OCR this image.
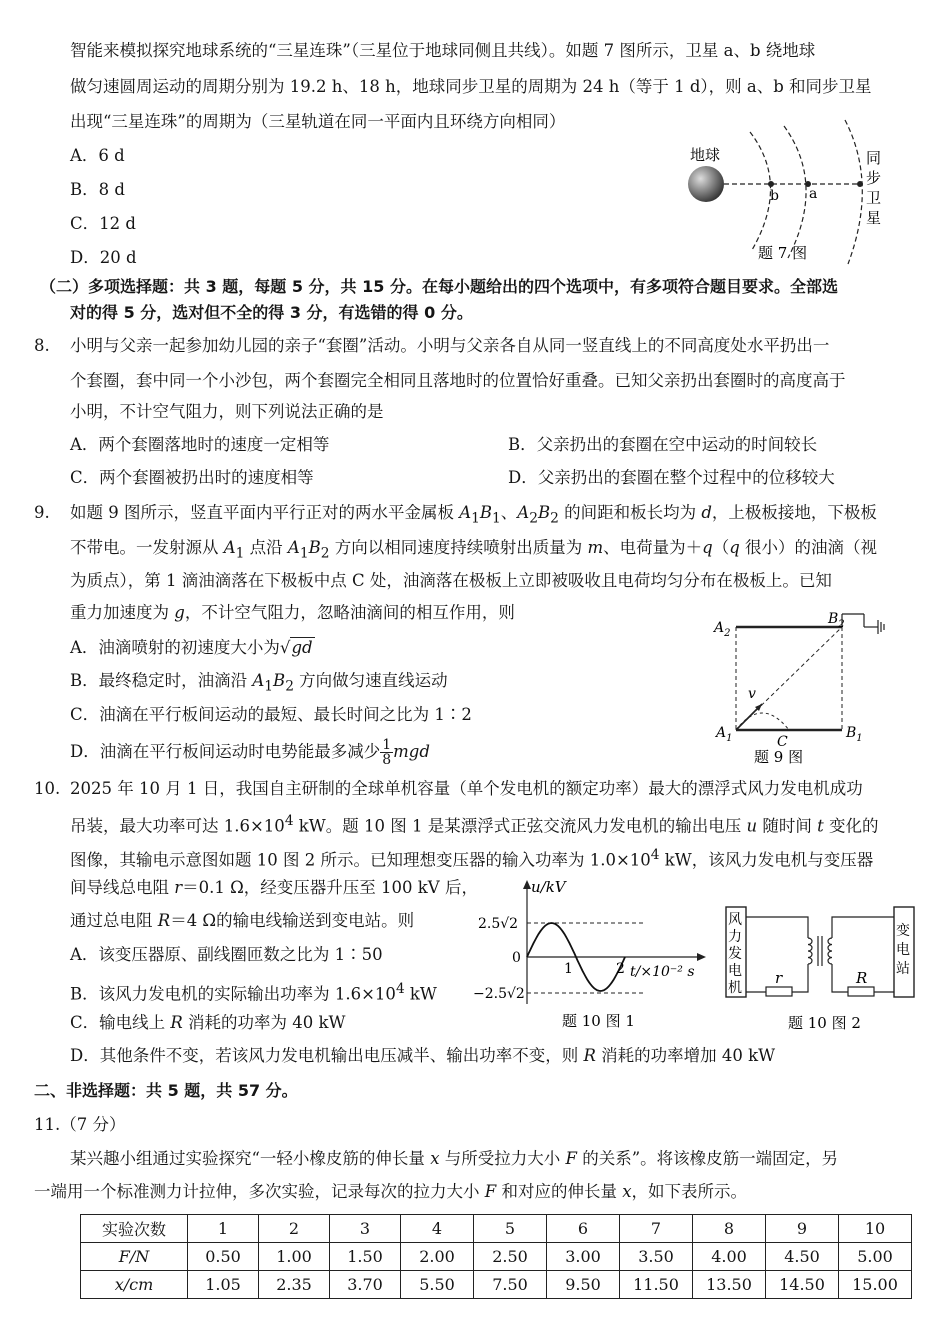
智能来模拟探究地球系统的“三星连珠”（三星位于地球同侧且共线）。如题 7 图所示，卫星 a、b 绕地球
做匀速圆周运动的周期分别为 19.2 h、18 h，地球同步卫星的周期为 24 h（等于 1 d），则 a、b 和同步卫星
出现“三星连珠”的周期为（三星轨道在同一平面内且环绕方向相同）
A．6 d
B．8 d
C．12 d
D．20 d
地球
b a
同
步
卫
星
题 7 图
（二）多项选择题：共 3 题，每题 5 分，共 15 分。在每小题给出的四个选项中，有多项符合题目要求。全部选
对的得 5 分，选对但不全的得 3 分，有选错的得 0 分。
8. 小明与父亲一起参加幼儿园的亲子“套圈”活动。小明与父亲各自从同一竖直线上的不同高度处水平扔出一
个套圈，套中同一个小沙包，两个套圈完全相同且落地时的位置恰好重叠。已知父亲扔出套圈时的高度高于
小明，不计空气阻力，则下列说法正确的是
A．两个套圈落地时的速度一定相等	B．父亲扔出的套圈在空中运动的时间较长
C．两个套圈被扔出时的速度相等	D．父亲扔出的套圈在整个过程中的位移较大
9. 如题 9 图所示，竖直平面内平行正对的两水平金属板 $A_1B_1$、$A_2B_2$ 的间距和板长均为 d，上极板接地，下极板
不带电。一发射源从 $A_1$ 点沿 $A_1B_2$ 方向以相同速度持续喷射出质量为 m、电荷量为＋q（q 很小）的油滴（视
为质点），第 1 滴油滴落在下极板中点 C 处，油滴落在极板上立即被吸收且电荷均匀分布在极板上。已知
重力加速度为 g，不计空气阻力，忽略油滴间的相互作用，则
A．油滴喷射的初速度大小为√gd
B．最终稳定时，油滴沿 $A_1B_2$ 方向做匀速直线运动
C．油滴在平行板间运动的最短、最长时间之比为 1∶2
D．油滴在平行板间运动时电势能最多减少 $\frac{1}{8}$ mgd
$A_2$
$B_2$
$A_1$	$B_1$
v
C
题 9 图
10. 2025 年 10 月 1 日，我国自主研制的全球单机容量（单个发电机的额定功率）最大的漂浮式风力发电机成功
吊装，最大功率可达 $1.6\times 10^4$ kW。题 10 图 1 是某漂浮式正弦交流风力发电机的输出电压 u 随时间 t 变化的
图像，其输电示意图如题 10 图 2 所示。已知理想变压器的输入功率为 $1.0\times 10^4$ kW，该风力发电机与变压器
间导线总电阻 r＝0.1 Ω，经变压器升压至 100 kV 后，
通过总电阻 R＝4 Ω的输电线输送到变电站。则
A．该变压器原、副线圈匝数之比为 1∶50
B．该风力发电机的实际输出功率为 $1.6\times 10^4$ kW
C．输电线上 R 消耗的功率为 40 kW
D．其他条件不变，若该风力发电机输出电压减半、输出功率不变，则 R 消耗的功率增加 40 kW
u/kV
2.5√2
−2.5√2
0
1	2 t/×10⁻² s
题 10 图 1
风
力
发
电
机
变
电
站
r	R
题 10 图 2
二、非选择题：共 5 题，共 57 分。
11.（7 分）
某兴趣小组通过实验探究“一轻小橡皮筋的伸长量 x 与所受拉力大小 F 的关系”。将该橡皮筋一端固定，另
一端用一个标准测力计拉伸，多次实验，记录每次的拉力大小 F 和对应的伸长量 x，如下表所示。
实验次数	1	2	3	4	5	6	7	8	9	10
F/N	0.50	1.00	1.50	2.00	2.50	3.00	3.50	4.00	4.50	5.00
x/cm	1.05	2.35	3.70	5.50	7.50	9.50	11.50	13.50	14.50	15.00
